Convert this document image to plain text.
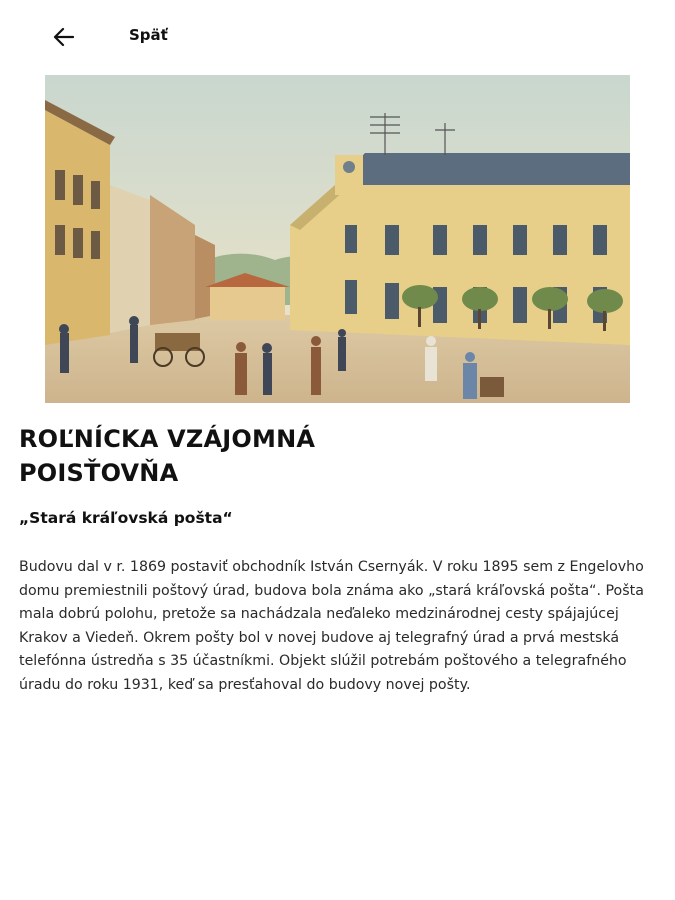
Späť
ROĽNÍCKA VZÁJOMNÁ
POISŤOVŇA
„Stará kráľovská pošta“

Budovu dal v r. 1869 postaviť obchodník István Csernyák. V roku 1895 sem z Engelovho domu premiestnili poštový úrad, budova bola známa ako „stará kráľovská pošta“. Pošta mala dobrú polohu, pretože sa nachádzala neďaleko medzinárodnej cesty spájajúcej Krakov a Viedeň. Okrem pošty bol v novej budove aj telegrafný úrad a prvá mestská telefónna ústredňa s 35 účastníkmi. Objekt slúžil potrebám poštového a telegrafného úradu do roku 1931, keď sa presťahoval do budovy novej pošty.
